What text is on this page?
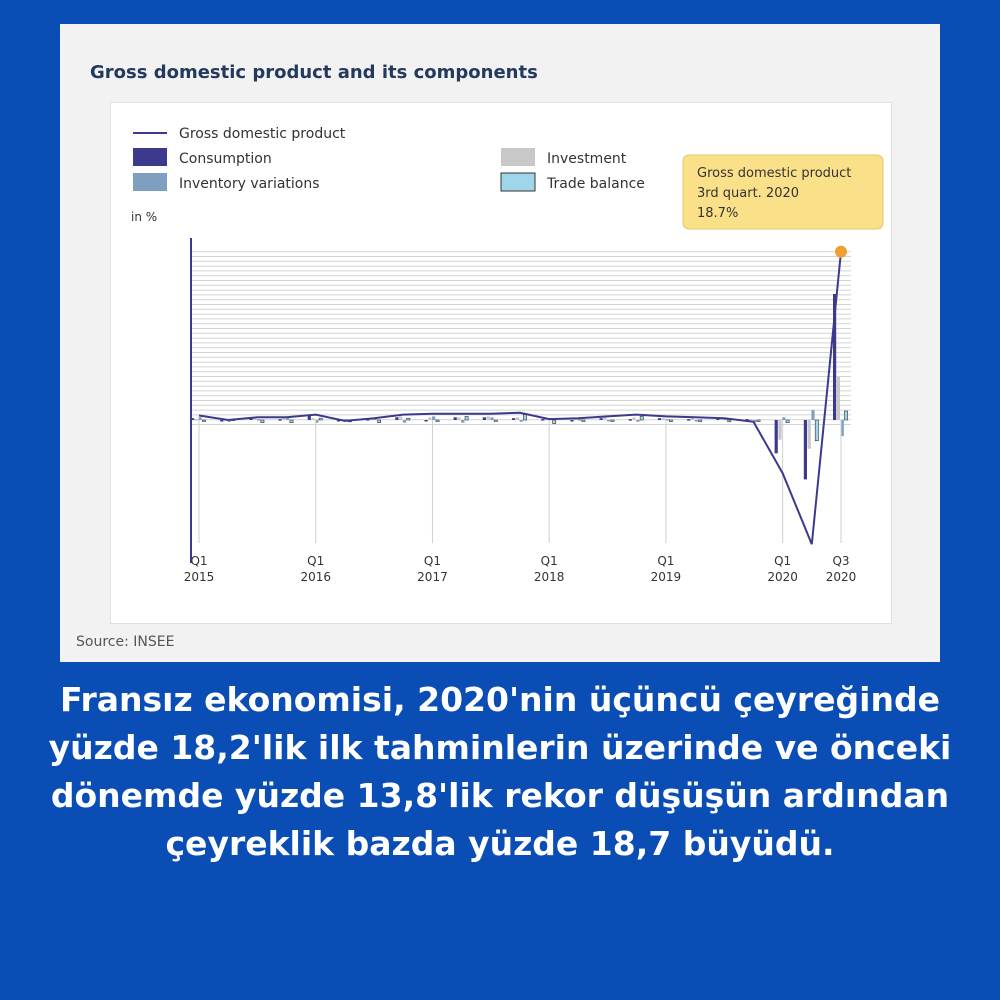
Gross domestic product and its components
Gross domestic product
Consumption
Inventory variations
Investment
Trade balance
in %
Q1
2015
Q1
2016
Q1
2017
Q1
2018
Q1
2019
Q1
2020
Q3
2020
Gross domestic product
3rd quart. 2020
18.7%
Source: INSEE
Fransız ekonomisi, 2020'nin üçüncü çeyreğinde yüzde 18,2'lik ilk tahminlerin üzerinde ve önceki dönemde yüzde 13,8'lik rekor düşüşün ardından çeyreklik bazda yüzde 18,7 büyüdü.
